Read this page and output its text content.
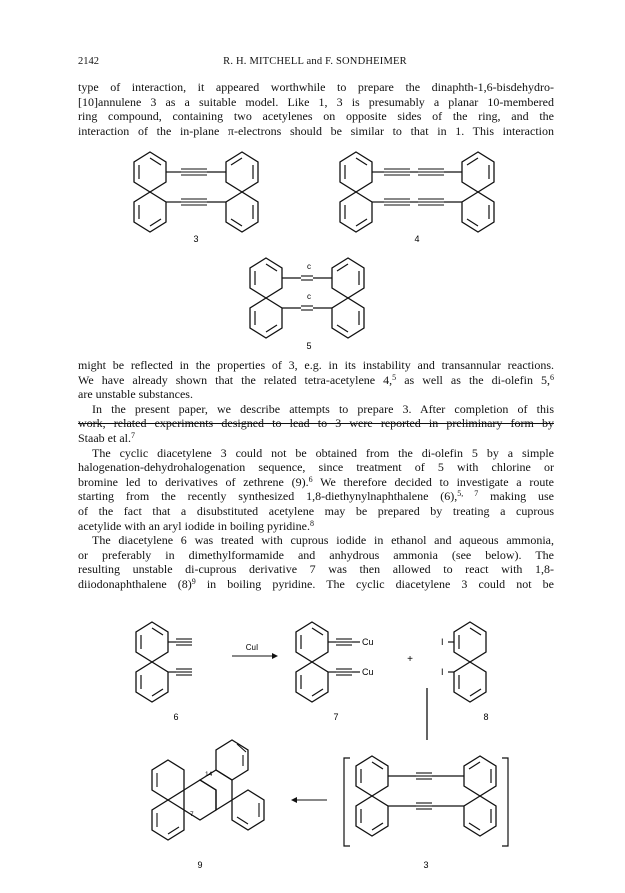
2142	R. H. MITCHELL and F. SONDHEIMER
type of interaction, it appeared worthwhile to prepare the dinaphth-1,6-bisdehydro-
[10]annulene 3 as a suitable model. Like 1, 3 is presumably a planar 10-membered
ring compound, containing two acetylenes on opposite sides of the ring, and the
interaction of the in-plane π-electrons should be similar to that in 1. This interaction
3	4
c
c
5
might be reflected in the properties of 3, e.g. in its instability and transannular reactions.
We have already shown that the related tetra-acetylene 4,$^5$ as well as the di-olefin 5,$^6$
are unstable substances.
In the present paper, we describe attempts to prepare 3. After completion of this
work, related experiments designed to lead to 3 were reported in preliminary form by
Staab et al.$^7$
The cyclic diacetylene 3 could not be obtained from the di-olefin 5 by a simple
halogenation-dehydrohalogenation sequence, since treatment of 5 with chlorine or
bromine led to derivatives of zethrene (9).$^6$ We therefore decided to investigate a route
starting from the recently synthesized 1,8-diethynylnaphthalene (6),$^{5, 7}$ making use
of the fact that a disubstituted acetylene may be prepared by treating a cuprous
acetylide with an aryl iodide in boiling pyridine.$^8$
The diacetylene 6 was treated with cuprous iodide in ethanol and aqueous ammonia,
or preferably in dimethylformamide and anhydrous ammonia (see below). The
resulting unstable di-cuprous derivative 7 was then allowed to react with 1,8-
diiodonaphthalene $(8)^9$ in boiling pyridine. The cyclic diacetylene 3 could not be
6
CuI
Cu
Cu
7
+
I
I
8
14
7
9	3
